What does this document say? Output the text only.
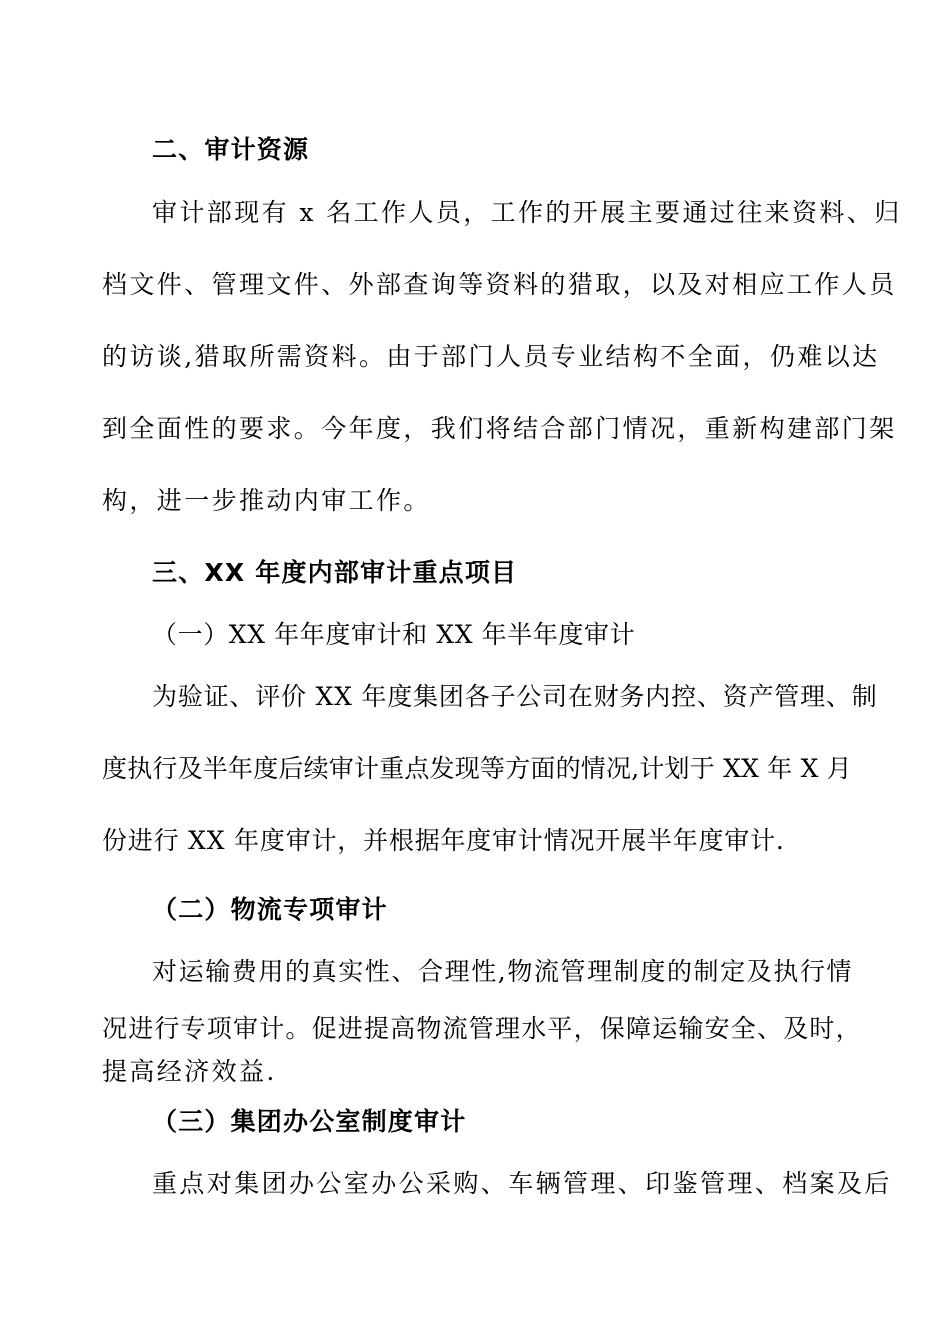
二、审计资源
审计部现有 x 名工作人员，工作的开展主要通过往来资料、归
档文件、管理文件、外部查询等资料的猎取，以及对相应工作人员
的访谈,猎取所需资料。由于部门人员专业结构不全面，仍难以达
到全面性的要求。今年度，我们将结合部门情况，重新构建部门架
构，进一步推动内审工作。
三、XX 年度内部审计重点项目
（一）XX 年年度审计和 XX 年半年度审计
为验证、评价 XX 年度集团各子公司在财务内控、资产管理、制
度执行及半年度后续审计重点发现等方面的情况,计划于 XX 年 X 月
份进行 XX 年度审计，并根据年度审计情况开展半年度审计.
（二）物流专项审计
对运输费用的真实性、合理性,物流管理制度的制定及执行情
况进行专项审计。促进提高物流管理水平，保障运输安全、及时，
提高经济效益.
（三）集团办公室制度审计
重点对集团办公室办公采购、车辆管理、印鉴管理、档案及后
